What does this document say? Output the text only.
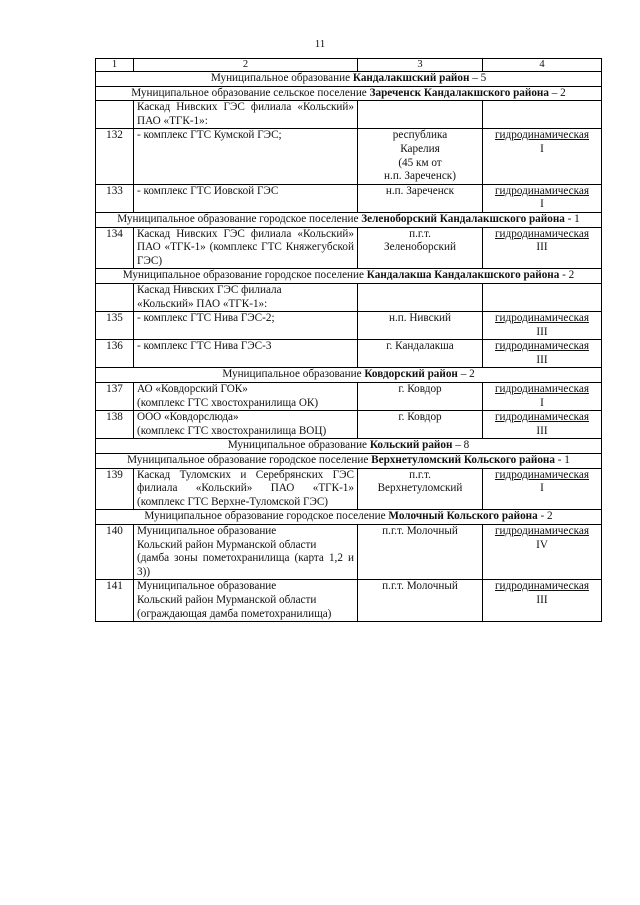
11
1	2	3	4
Муниципальное образование Кандалакшский район – 5			
Муниципальное образование сельское поселение Зареченск Кандалакшского района – 2			

	Каскад Нивских ГЭС филиала «Кольский» ПАО «ТГК-1»:		

132	- комплекс ГТС Кумской ГЭС;	республика
Карелия
(45 км от
н.п. Зареченск)	гидродинамическая
I

133	- комплекс ГТС Иовской ГЭС	н.п. Зареченск	гидродинамическая
I

Муниципальное образование городское поселение Зеленоборский Кандалакшского района - 1			
134	Каскад Нивских ГЭС филиала «Кольский» ПАО «ТГК-1» (комплекс ГТС Княжегубской ГЭС)	п.г.т.
Зеленоборский	гидродинамическая
III

Муниципальное образование городское поселение Кандалакша Кандалакшского района - 2			

	Каскад Нивских ГЭС филиала
«Кольский» ПАО «ТГК-1»:		

135	- комплекс ГТС Нива ГЭС-2;	н.п. Нивский	гидродинамическая
III

136	- комплекс ГТС Нива ГЭС-3	г. Кандалакша	гидродинамическая
III

Муниципальное образование Ковдорский район – 2			
137	АО «Ковдорский ГОК»
(комплекс ГТС хвостохранилища ОК)	г. Ковдор	гидродинамическая
I

138	ООО «Ковдорслюда»
(комплекс ГТС хвостохранилища ВОЦ)	г. Ковдор	гидродинамическая
III

Муниципальное образование Кольский район – 8			
Муниципальное образование городское поселение Верхнетуломский Кольского района - 1			
139	Каскад Туломских и Серебрянских ГЭС филиала «Кольский» ПАО «ТГК-1» (комплекс ГТС Верхне-Туломской ГЭС)	п.г.т.
Верхнетуломский	гидродинамическая
I

Муниципальное образование городское поселение Молочный Кольского района - 2			
140	Муниципальное образование
Кольский район Мурманской области
(дамба зоны пометохранилища (карта 1,2 и 3))	п.г.т. Молочный	гидродинамическая
IV

141	Муниципальное образование
Кольский район Мурманской области
(ограждающая дамба пометохранилища)	п.г.т. Молочный	гидродинамическая
III
